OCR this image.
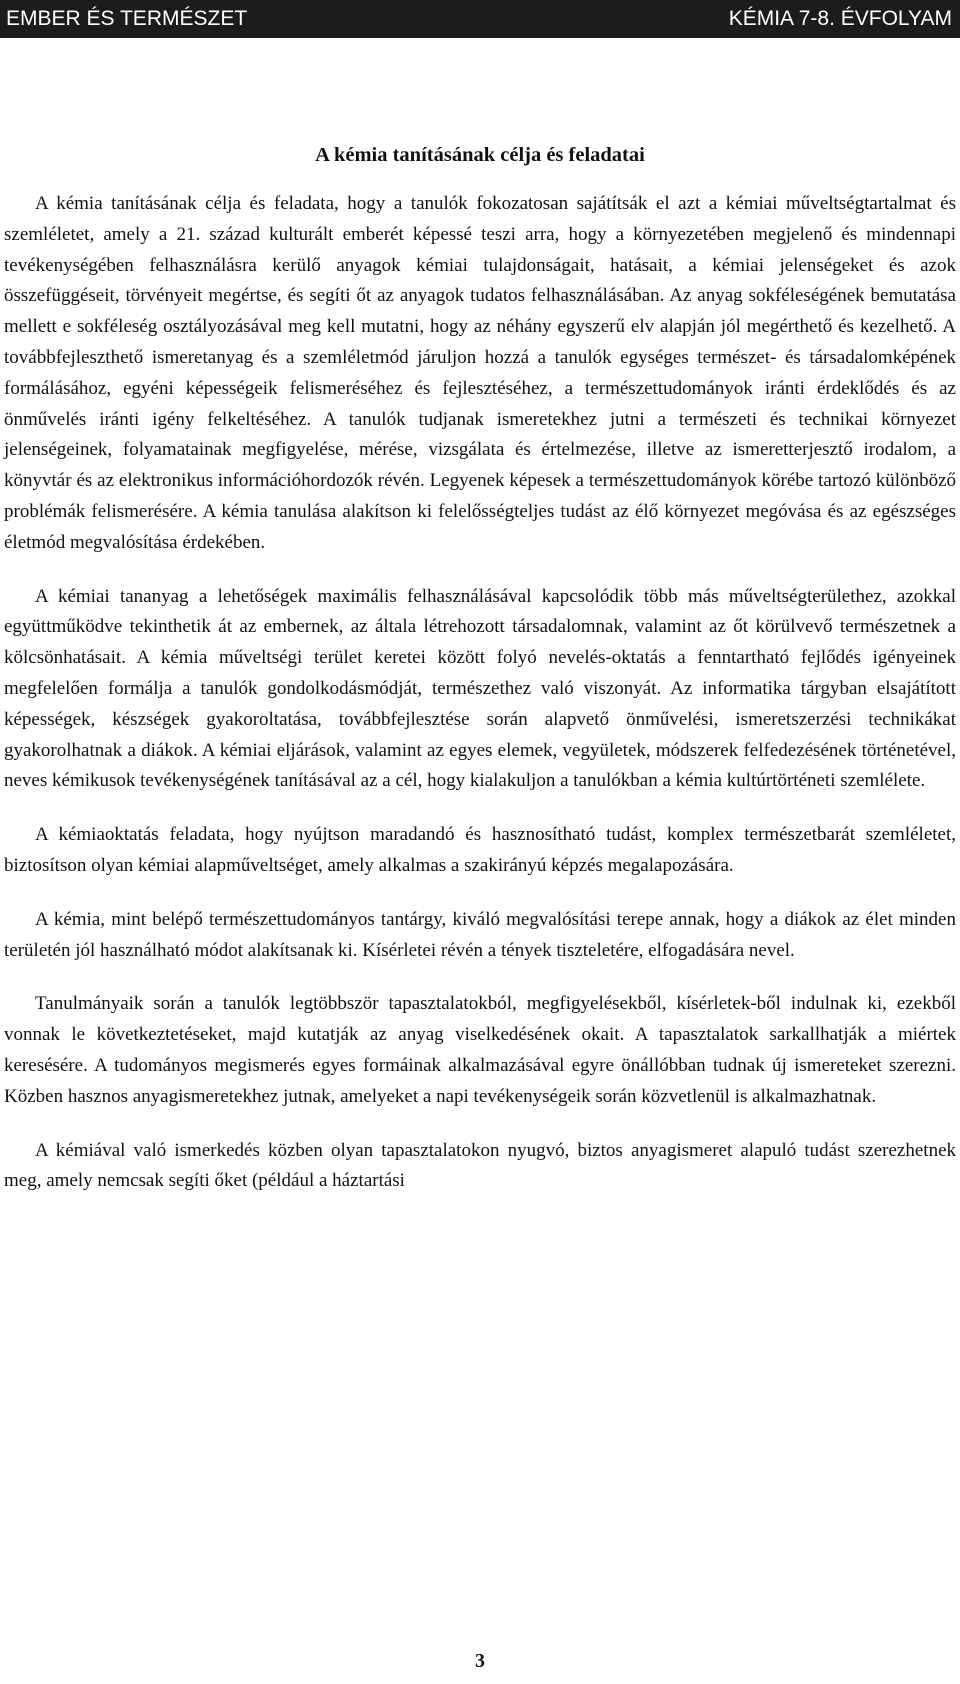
EMBER ÉS TERMÉSZET	KÉMIA 7-8. ÉVFOLYAM
A kémia tanításának célja és feladatai

A kémia tanításának célja és feladata, hogy a tanulók fokozatosan sajátítsák el azt a kémiai műveltségtartalmat és szemléletet, amely a 21. század kulturált emberét képessé teszi arra, hogy a környezetében megjelenő és mindennapi tevékenységében felhasználásra kerülő anyagok kémiai tulajdonságait, hatásait, a kémiai jelenségeket és azok összefüggéseit, törvényeit megértse, és segíti őt az anyagok tudatos felhasználásában. Az anyag sokféleségének bemutatása mellett e sokféleség osztályozásával meg kell mutatni, hogy az néhány egyszerű elv alapján jól megérthető és kezelhető. A továbbfejleszthető ismeretanyag és a szemléletmód járuljon hozzá a tanulók egységes természet- és társadalomképének formálásához, egyéni képességeik felismeréséhez és fejlesztéséhez, a természettudományok iránti érdeklődés és az önművelés iránti igény felkeltéséhez. A tanulók tudjanak ismeretekhez jutni a természeti és technikai környezet jelenségeinek, folyamatainak megfigyelése, mérése, vizsgálata és értelmezése, illetve az ismeretterjesztő irodalom, a könyvtár és az elektronikus információhordozók révén. Legyenek képesek a természettudományok körébe tartozó különböző problémák felismerésére. A kémia tanulása alakítson ki felelősségteljes tudást az élő környezet megóvása és az egészséges életmód megvalósítása érdekében.

A kémiai tananyag a lehetőségek maximális felhasználásával kapcsolódik több más műveltségterülethez, azokkal együttműködve tekinthetik át az embernek, az általa létrehozott társadalomnak, valamint az őt körülvevő természetnek a kölcsönhatásait. A kémia műveltségi terület keretei között folyó nevelés-oktatás a fenntartható fejlődés igényeinek megfelelően formálja a tanulók gondolkodásmódját, természethez való viszonyát. Az informatika tárgyban elsajátított képességek, készségek gyakoroltatása, továbbfejlesztése során alapvető önművelési, ismeretszerzési technikákat gyakorolhatnak a diákok. A kémiai eljárások, valamint az egyes elemek, vegyületek, módszerek felfedezésének történetével, neves kémikusok tevékenységének tanításával az a cél, hogy kialakuljon a tanulókban a kémia kultúrtörténeti szemlélete.

A kémiaoktatás feladata, hogy nyújtson maradandó és hasznosítható tudást, komplex természetbarát szemléletet, biztosítson olyan kémiai alapműveltséget, amely alkalmas a szakirányú képzés megalapozására.

A kémia, mint belépő természettudományos tantárgy, kiváló megvalósítási terepe annak, hogy a diákok az élet minden területén jól használható módot alakítsanak ki. Kísérletei révén a tények tiszteletére, elfogadására nevel.

Tanulmányaik során a tanulók legtöbbször tapasztalatokból, megfigyelésekből, kísérletek-ből indulnak ki, ezekből vonnak le következtetéseket, majd kutatják az anyag viselkedésének okait. A tapasztalatok sarkallhatják a miértek keresésére. A tudományos megismerés egyes formáinak alkalmazásával egyre önállóbban tudnak új ismereteket szerezni. Közben hasznos anyagismeretekhez jutnak, amelyeket a napi tevékenységeik során közvetlenül is alkalmazhatnak.

A kémiával való ismerkedés közben olyan tapasztalatokon nyugvó, biztos anyagismeret alapuló tudást szerezhetnek meg, amely nemcsak segíti őket (például a háztartási

3
